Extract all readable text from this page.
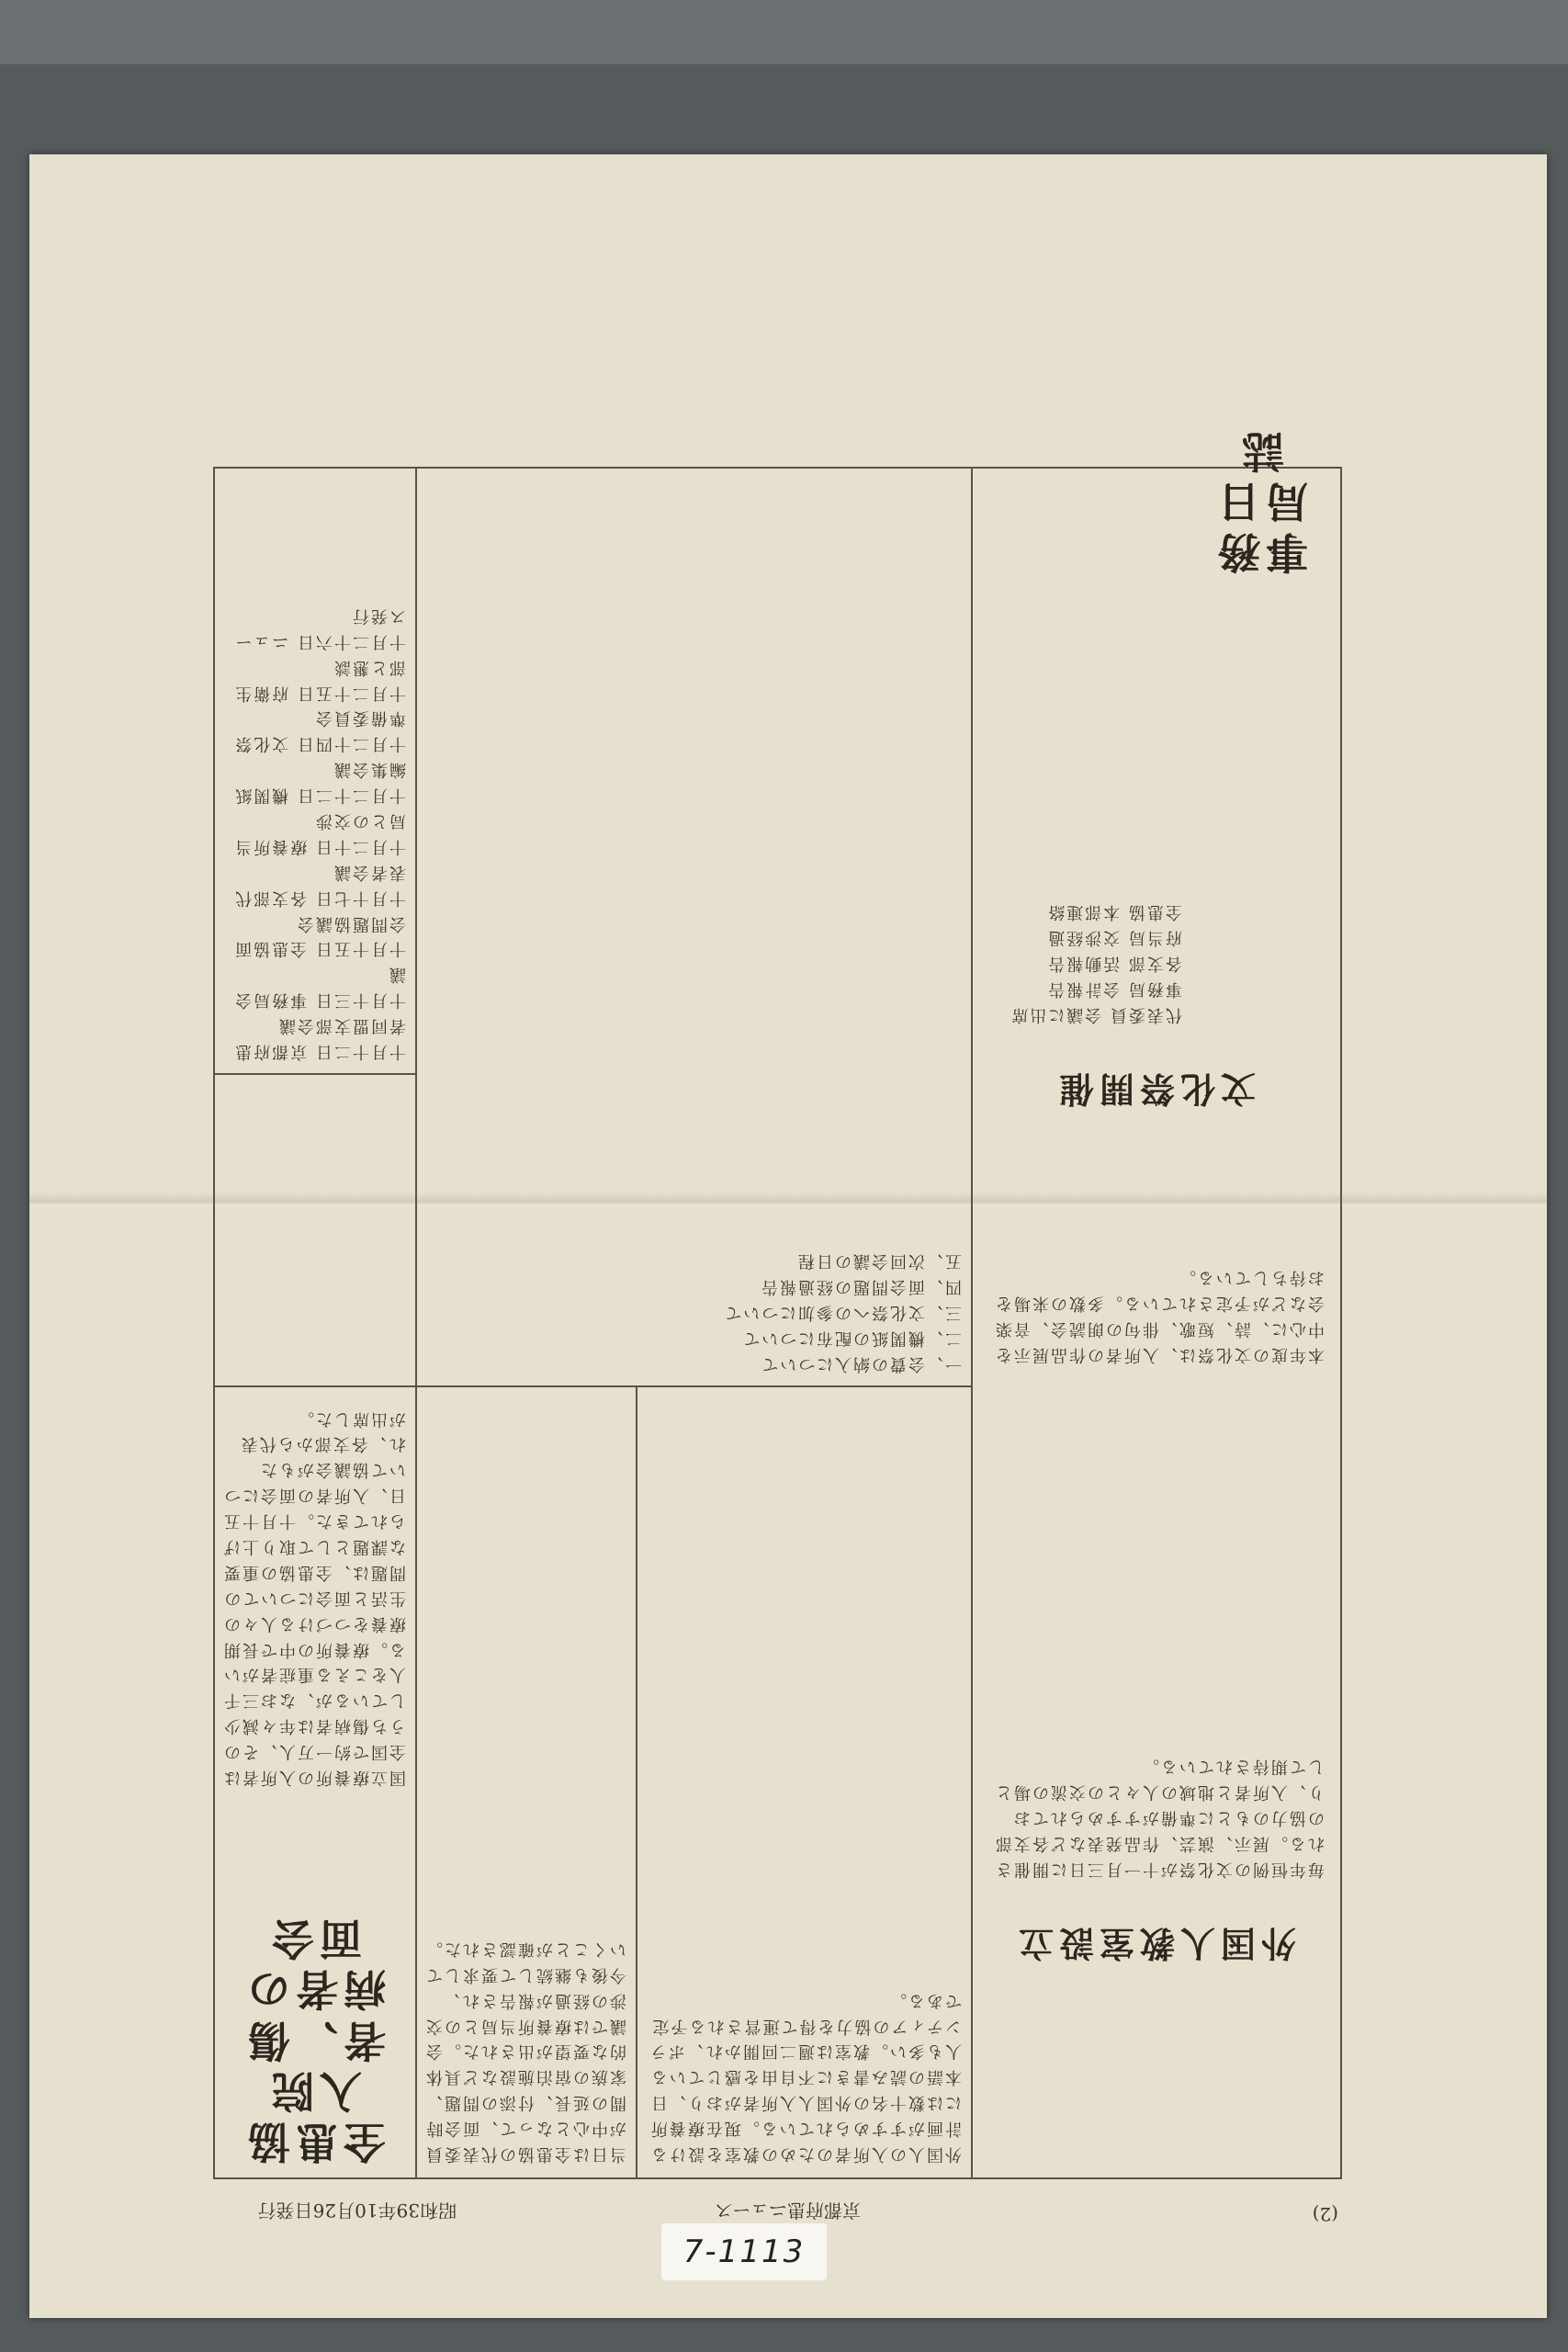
全患協入院者、傷病者の面会	外国人教室設立
文化祭開催
事務局日誌
国立療養所の入所者は全国で約一万人、そのうち傷病者は年々減少しているが、なお三千人をこえる重症者がいる。療養所の中で長期療養をつづける人々の生活と面会についての問題は、全患協の重要な課題として取り上げられてきた。十月十五日、入所者の面会について協議会がもたれ、各支部から代表が出席した。
当日は全患協の代表委員が中心となって、面会時間の延長、付添の問題、家族の宿泊施設など具体的な要望が出された。会議では療養所当局との交渉の経過が報告され、今後も継続して要求していくことが確認された。
外国人の入所者のための教室を設ける計画がすすめられている。現在療養所には数十名の外国人入所者がおり、日本語の読み書きに不自由を感じている人も多い。教室は週二回開かれ、ボランティアの協力を得て運営される予定である。
毎年恒例の文化祭が十一月三日に開催される。展示、演芸、作品発表など各支部の協力のもとに準備がすすめられており、入所者と地域の人々との交流の場として期待されている。
本年度の文化祭は、入所者の作品展示を中心に、詩、短歌、俳句の朗読会、音楽会などが予定されている。多数の来場をお待ちしている。
十月十二日 京都府患者同盟支部会議
十月十三日 事務局会議
十月十五日 全患協面会問題協議会
十月十七日 各支部代表者会議
十月二十日 療養所当局との交渉
十月二十二日 機関紙編集会議
十月二十四日 文化祭準備委員会
十月二十五日 府衛生部と懇談
十月二十六日 ニュース発行
一、会費の納入について
二、機関紙の配布について
三、文化祭への参加について
四、面会問題の経過報告
五、次回会議の日程
代表委員 会議に出席
事務局 会計報告
各支部 活動報告
府当局 交渉経過
全患協 本部連絡
(2)
京都府患ニュース
昭和39年10月26日発行
7-1113
